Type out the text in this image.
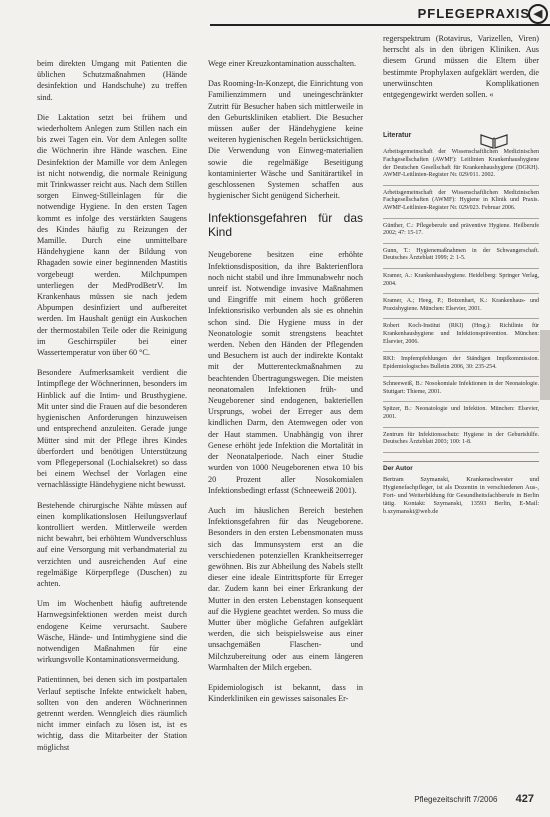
PFLEGEPRAXIS ◀

beim direkten Umgang mit Patienten die üblichen Schutzmaßnahmen (Hände desinfektion und Handschuhe) zu treffen sind.

Die Laktation setzt bei frühem und wiederholtem Anlegen zum Stillen nach ein bis zwei Tagen ein. Vor dem Anlegen sollte die Wöchnerin ihre Hände waschen. Eine Desinfektion der Mamille vor dem Anlegen ist nicht notwendig, die normale Reinigung mit Trinkwasser reicht aus. Nach dem Stillen sorgen Einweg-Stilleinlagen für die notwendige Hygiene. In den ersten Tagen kommt es infolge des verstärkten Saugens des Kindes häufig zu Reizungen der Mamille. Durch eine unmittelbare Händehygiene kann der Bildung von Rhagaden sowie einer beginnenden Mastitis vorgebeugt werden. Milchpumpen unterliegen der MedProdBetrV. Im Krankenhaus müssen sie nach jedem Abpumpen desinfiziert und aufbereitet werden. Im Haushalt genügt ein Auskochen der thermostabilen Teile oder die Reinigung im Geschirrspüler bei einer Wassertemperatur von über 60 °C.

Besondere Aufmerksamkeit verdient die Intimpflege der Wöchnerinnen, besonders im Hinblick auf die Intim- und Brusthygiene. Mit unter sind die Frauen auf die besonderen hygienischen Anforderungen hinzuweisen und entsprechend anzuleiten. Gerade junge Mütter sind mit der Pflege ihres Kindes überfordert und benötigen Unterstützung vom Pflegepersonal (Lochialsekret) so dass bei einem Wechsel der Vorlagen eine vernachlässigte Händehygiene nicht bewusst.

Bestehende chirurgische Nähte müssen auf einen komplikationslosen Heilungsverlauf kontrolliert werden. Mittlerweile werden nicht bewahrt, bei erhöhtem Wundverschluss auf eine Versorgung mit verbandmaterial zu verzichten und ausreichenden Auf eine regelmäßige Körperpflege (Duschen) zu achten.

Um im Wochenbett häufig auftretende Harnwegsinfektionen werden meist durch endogene Keime verursacht. Saubere Wäsche, Hände- und Intimhygiene sind die notwendigen Maßnahmen für eine wirkungsvolle Kontaminationsvermeidung.

Patientinnen, bei denen sich im postpartalen Verlauf septische Infekte entwickelt haben, sollten von den anderen Wöchnerinnen getrennt werden. Wenngleich dies räumlich nicht immer einfach zu lösen ist, ist es wichtig, dass die Mitarbeiter der Station möglichst

Wege einer Kreuzkontamination ausschalten.

Das Rooming-In-Konzept, die Einrichtung von Familienzimmern und uneingeschränkter Zutritt für Besucher haben sich mittlerweile in den Geburtskliniken etabliert. Die Besucher müssen außer der Händehygiene keine weiteren hygienischen Regeln berücksichtigen. Die Verwendung von Einweg-materialien sowie die regelmäßige Beseitigung kontaminierter Wäsche und Sanitärartikel in geschlossenen Systemen schaffen aus hygienischer Sicht genügend Sicherheit.

Infektionsgefahren für das Kind

Neugeborene besitzen eine erhöhte Infektionsdisposition, da ihre Bakterienflora noch nicht stabil und ihre Immunabwehr noch unreif ist. Notwendige invasive Maßnahmen und Eingriffe mit einem hoch größeren Infektionsrisiko verbunden als sie es ohnehin schon sind. Die Hygiene muss in der Neonatologie somit strengstens beachtet werden. Neben den Händen der Pflegenden und Besuchern ist auch der indirekte Kontakt mit der Mutterenteckmaßnahmen zu beachtenden Übertragungswegen. Die meisten neonatomalen Infektionen früh- und Neugeborener sind endogenen, bakteriellen Ursprungs, wobei der Erreger aus dem kindlichen Darm, den Atemwegen oder von der Haut stammen. Unabhängig von ihrer Genese erhöht jede Infektion die Mortalität in der Neonatalperiode. Nach einer Studie wurden von 1000 Neugeborenen etwa 10 bis 20 Prozent aller Nosokomialen Infektionsbedingt erfasst (Schneeweiß 2001).

Auch im häuslichen Bereich bestehen Infektionsgefahren für das Neugeborene. Besonders in den ersten Lebensmonaten muss sich das Immunsystem erst an die verschiedenen potenziellen Krankheitserreger gewöhnen. Bis zur Abheilung des Nabels stellt dieser eine ideale Eintrittspforte für Erreger dar. Zudem kann bei einer Erkrankung der Mutter in den ersten Lebenstagen konsequent auf die Hygiene geachtet werden. So muss die Mutter über mögliche Gefahren aufgeklärt werden, die sich beispielsweise aus einer unsachgemäßen Flaschen- und Milchzubereitung oder aus einem längeren Warmhalten der Milch ergeben.

Epidemiologisch ist bekannt, dass in Kinderkliniken ein gewisses saisonales Er-

regerspektrum (Rotavirus, Varizellen, Viren) herrscht als in den übrigen Kliniken. Aus diesem Grund müssen die Eltern über bestimmte Prophylaxen aufgeklärt werden, die unerwünschten Komplikationen entgegengewirkt werden sollen. «

Literatur
Arbeitsgemeinschaft der Wissenschaftlichen Medizinischen Fachgesellschaften (AWMF): Leitlinien Krankenhaushygiene der Deutschen Gesellschaft für Krankenhaushygiene (DGKH). AWMF-Leitlinien-Register Nr. 029/011. 2002.
Arbeitsgemeinschaft der Wissenschaftlichen Medizinischen Fachgesellschaften (AWMF): Hygiene in Klinik und Praxis. AWMF-Leitlinien-Register Nr. 029/023. Februar 2006.
Günther, C.: Pflegeberufe und präventive Hygiene. Heilberufe 2002; 47: 15-17.
Gunn, T.: Hygienemaßnahmen in der Schwangerschaft. Deutsches Ärzteblatt 1999; 2: 1-5.
Kramer, A.: Krankenhaushygiene. Heidelberg: Springer Verlag, 2004.
Kramer, A.; Heeg, P.; Botzenhart, K.: Krankenhaus- und Praxishygiene. München: Elsevier, 2001.
Robert Koch-Institut (RKI) (Hrsg.): Richtlinie für Krankenhaushygiene und Infektionsprävention. München: Elsevier, 2006.
RKI: Impfempfehlungen der Ständigen Impfkommission. Epidemiologisches Bulletin 2006, 30: 235-254.
Schneeweiß, B.: Nosokomiale Infektionen in der Neonatologie. Stuttgart: Thieme, 2001.
Spitzer, B.: Neonatologie und Infektion. München: Elsevier, 2001.
Zentrum für Infektionsschutz: Hygiene in der Geburtshilfe. Deutsches Ärzteblatt 2003; 100: 1-8.
Der Autor
Bertram Szymanski, Krankenschwester und Hygienefachpfleger, ist als Dozentin in verschiedenen Aus-, Fort- und Weiterbildung für Gesundheitsfachberufe in Berlin tätig. Kontakt: Szymanski, 13593 Berlin, E-Mail: b.szymanski@web.de
Pflegezeitschrift 7/2006 427
